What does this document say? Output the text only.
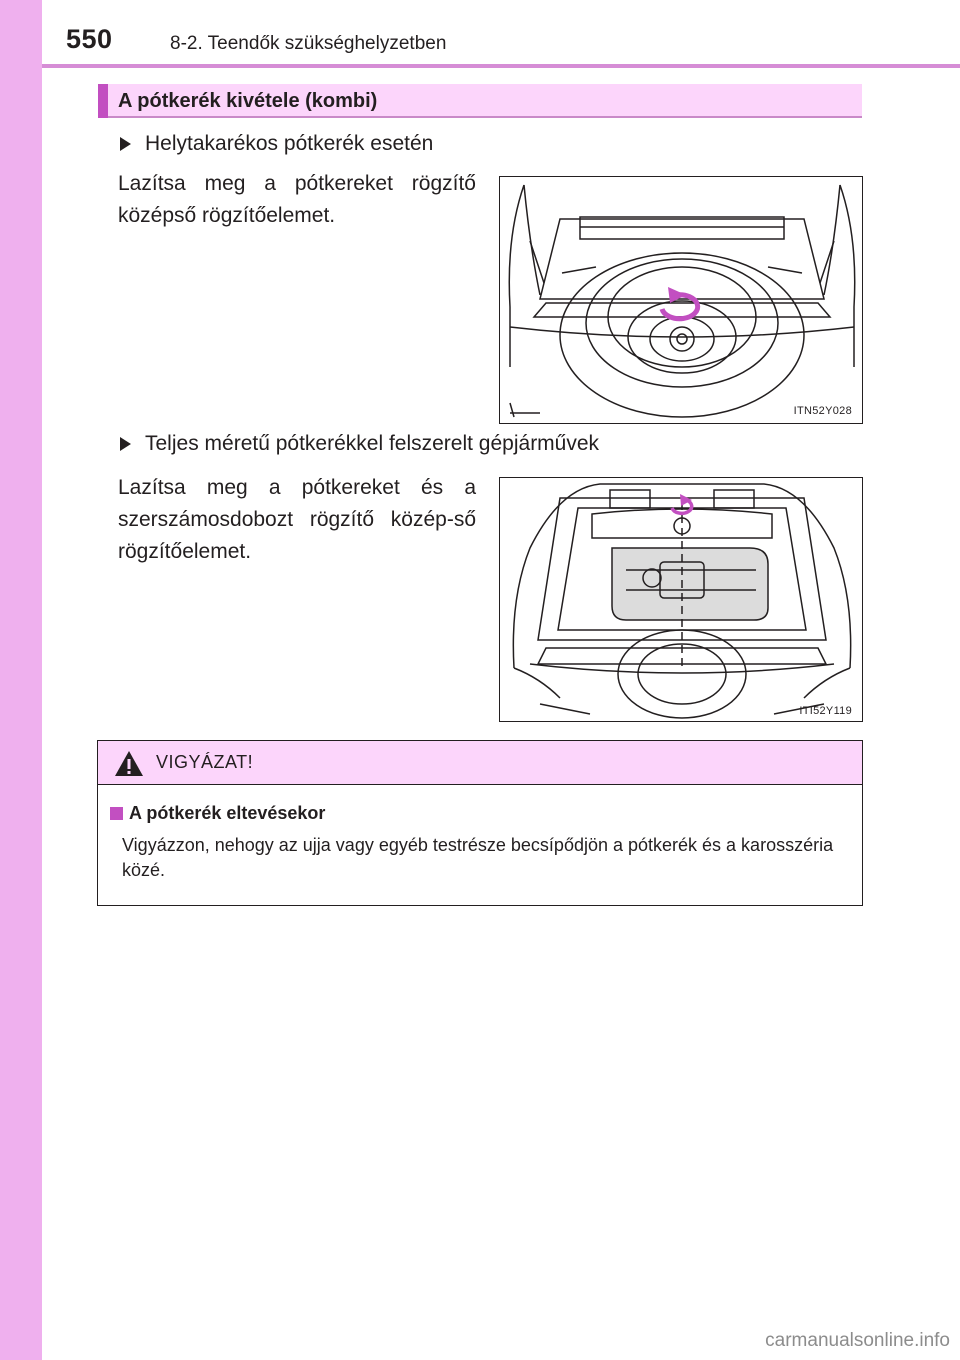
550	8-2. Teendők szükséghelyzetben
A pótkerék kivétele (kombi)
Helytakarékos pótkerék esetén
Lazítsa meg a pótkereket rögzítő középső rögzítőelemet.
ITN52Y028
Teljes méretű pótkerékkel felszerelt gépjárművek
Lazítsa meg a pótkereket és a szerszámosdobozt rögzítő közép-ső rögzítőelemet.
ITI52Y119
VIGYÁZAT!
A pótkerék eltevésekor
Vigyázzon, nehogy az ujja vagy egyéb testrésze becsípődjön a pótkerék és a karosszéria közé.
carmanualsonline.info
